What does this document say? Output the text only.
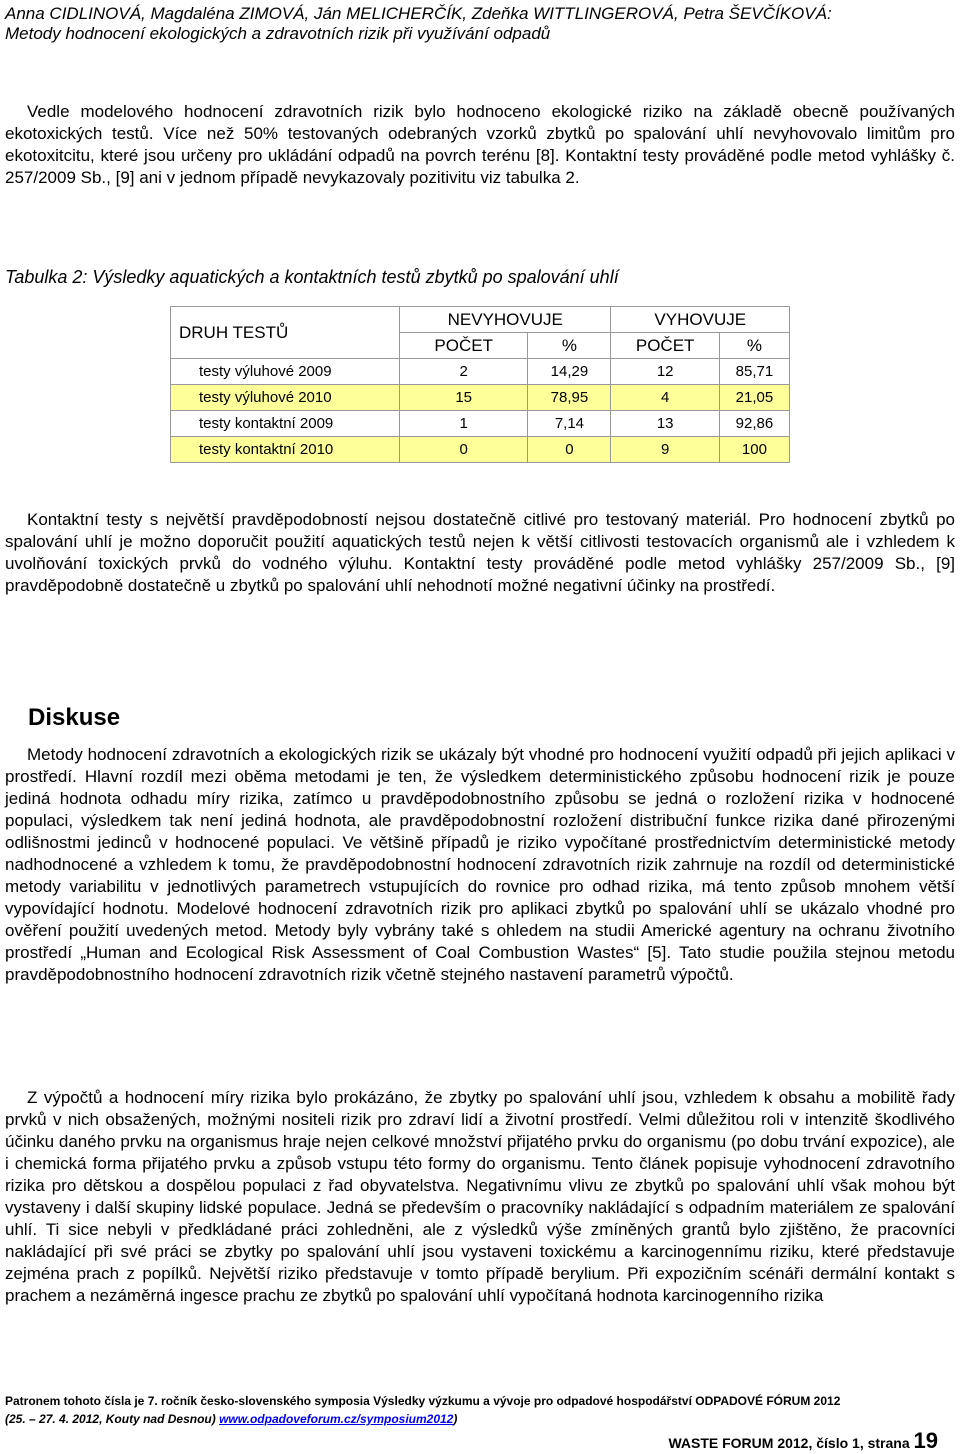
Anna CIDLINOVÁ, Magdaléna ZIMOVÁ, Ján MELICHERČÍK, Zdeňka WITTLINGEROVÁ, Petra ŠEVČÍKOVÁ:
Metody hodnocení ekologických a zdravotních rizik při využívání odpadů

Vedle modelového hodnocení zdravotních rizik bylo hodnoceno ekologické riziko na základě obecně používaných ekotoxických testů. Více než 50% testovaných odebraných vzorků zbytků po spalování uhlí nevyhovovalo limitům pro ekotoxitcitu, které jsou určeny pro ukládání odpadů na povrch terénu [8]. Kontaktní testy prováděné podle metod vyhlášky č. 257/2009 Sb., [9] ani v jednom případě nevykazovaly pozitivitu viz tabulka 2.

Tabulka 2: Výsledky aquatických a kontaktních testů zbytků po spalování uhlí
DRUH TESTŮ	NEVYHOVUJE		VYHOVUJE	
	POČET	%	POČET	%
testy výluhové 2009	2	14,29	12	85,71
testy výluhové 2010	15	78,95	4	21,05
testy kontaktní 2009	1	7,14	13	92,86
testy kontaktní 2010	0	0	9	100

Kontaktní testy s největší pravděpodobností nejsou dostatečně citlivé pro testovaný materiál. Pro hodnocení zbytků po spalování uhlí je možno doporučit použití aquatických testů nejen k větší citlivosti testovacích organismů ale i vzhledem k uvolňování toxických prvků do vodného výluhu. Kontaktní testy prováděné podle metod vyhlášky 257/2009 Sb., [9] pravděpodobně dostatečně u zbytků po spalování uhlí nehodnotí možné negativní účinky na prostředí.

Diskuse

Metody hodnocení zdravotních a ekologických rizik se ukázaly být vhodné pro hodnocení využití odpadů při jejich aplikaci v prostředí. Hlavní rozdíl mezi oběma metodami je ten, že výsledkem deterministického způsobu hodnocení rizik je pouze jediná hodnota odhadu míry rizika, zatímco u pravděpodobnostního způsobu se jedná o rozložení rizika v hodnocené populaci, výsledkem tak není jediná hodnota, ale pravděpodobnostní rozložení distribuční funkce rizika dané přirozenými odlišnostmi jedinců v hodnocené populaci. Ve většině případů je riziko vypočítané prostřednictvím deterministické metody nadhodnocené a vzhledem k tomu, že pravděpodobnostní hodnocení zdravotních rizik zahrnuje na rozdíl od deterministické metody variabilitu v jednotlivých parametrech vstupujících do rovnice pro odhad rizika, má tento způsob mnohem větší vypovídající hodnotu. Modelové hodnocení zdravotních rizik pro aplikaci zbytků po spalování uhlí se ukázalo vhodné pro ověření použití uvedených metod. Metody byly vybrány také s ohledem na studii Americké agentury na ochranu životního prostředí „Human and Ecological Risk Assessment of Coal Combustion Wastes“ [5]. Tato studie použila stejnou metodu pravděpodobnostního hodnocení zdravotních rizik včetně stejného nastavení parametrů výpočtů.

Z výpočtů a hodnocení míry rizika bylo prokázáno, že zbytky po spalování uhlí jsou, vzhledem k obsahu a mobilitě řady prvků v nich obsažených, možnými nositeli rizik pro zdraví lidí a životní prostředí. Velmi důležitou roli v intenzitě škodlivého účinku daného prvku na organismus hraje nejen celkové množství přijatého prvku do organismu (po dobu trvání expozice), ale i chemická forma přijatého prvku a způsob vstupu této formy do organismu. Tento článek popisuje vyhodnocení zdravotního rizika pro dětskou a dospělou populaci z řad obyvatelstva. Negativnímu vlivu ze zbytků po spalování uhlí však mohou být vystaveny i další skupiny lidské populace. Jedná se především o pracovníky nakládající s odpadním materiálem ze spalování uhlí. Ti sice nebyli v předkládané práci zohledněni, ale z výsledků výše zmíněných grantů bylo zjištěno, že pracovníci nakládající při své práci se zbytky po spalování uhlí jsou vystaveni toxickému a karcinogennímu riziku, které představuje zejména prach z popílků. Největší riziko představuje v tomto případě berylium. Při expozičním scénáři dermální kontakt s prachem a nezáměrná ingesce prachu ze zbytků po spalování uhlí vypočítaná hodnota karcinogenního rizika

Patronem tohoto čísla je 7. ročník česko-slovenského symposia Výsledky výzkumu a vývoje pro odpadové hospodářství ODPADOVÉ FÓRUM 2012
(25. – 27. 4. 2012, Kouty nad Desnou) www.odpadoveforum.cz/symposium2012)
WASTE FORUM 2012, číslo 1, strana 19
